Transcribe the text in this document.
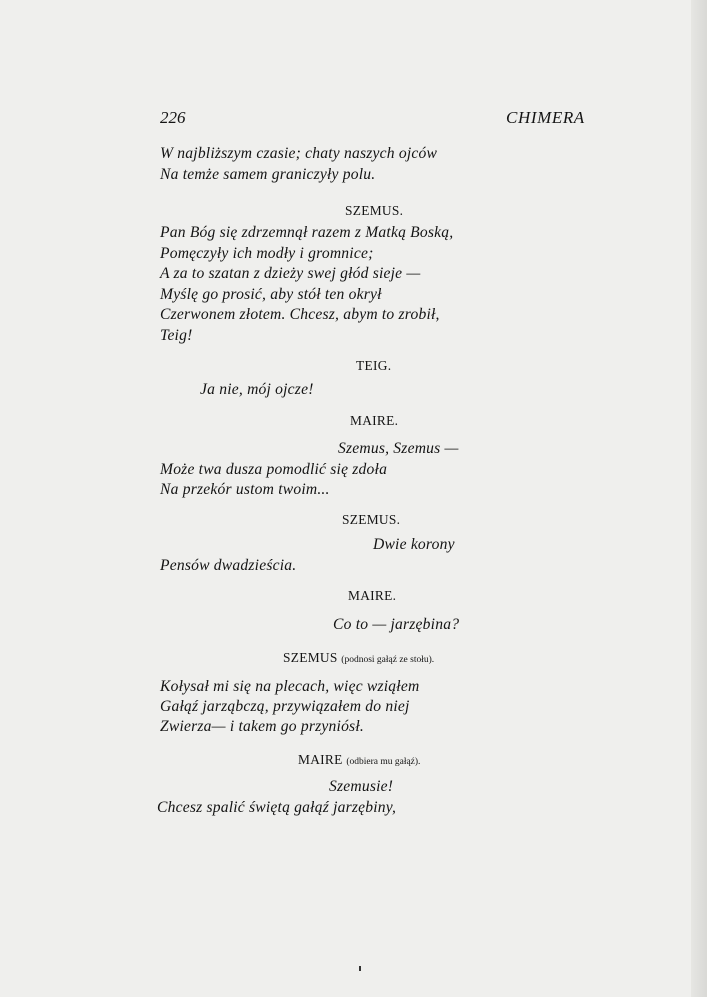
226	CHIMERA
W najbliższym czasie; chaty naszych ojców
Na temże samem graniczyły polu.
SZEMUS.
Pan Bóg się zdrzemnął razem z Matką Boską,
Pomęczyły ich modły i gromnice;
A za to szatan z dzieży swej głód sieje —
Myślę go prosić, aby stół ten okrył
Czerwonem złotem. Chcesz, abym to zrobił,
Teig!
TEIG.
Ja nie, mój ojcze!
MAIRE.
Szemus, Szemus —
Może twa dusza pomodlić się zdoła
Na przekór ustom twoim...
SZEMUS.
Dwie korony
Pensów dwadzieścia.
MAIRE.
Co to — jarzębina?
SZEMUS (podnosi gałąź ze stołu).
Kołysał mi się na plecach, więc wziąłem
Gałąź jarząbczą, przywiązałem do niej
Zwierza— i takem go przyniósł.
MAIRE (odbiera mu gałąź).
Szemusie!
Chcesz spalić świętą gałąź jarzębiny,
